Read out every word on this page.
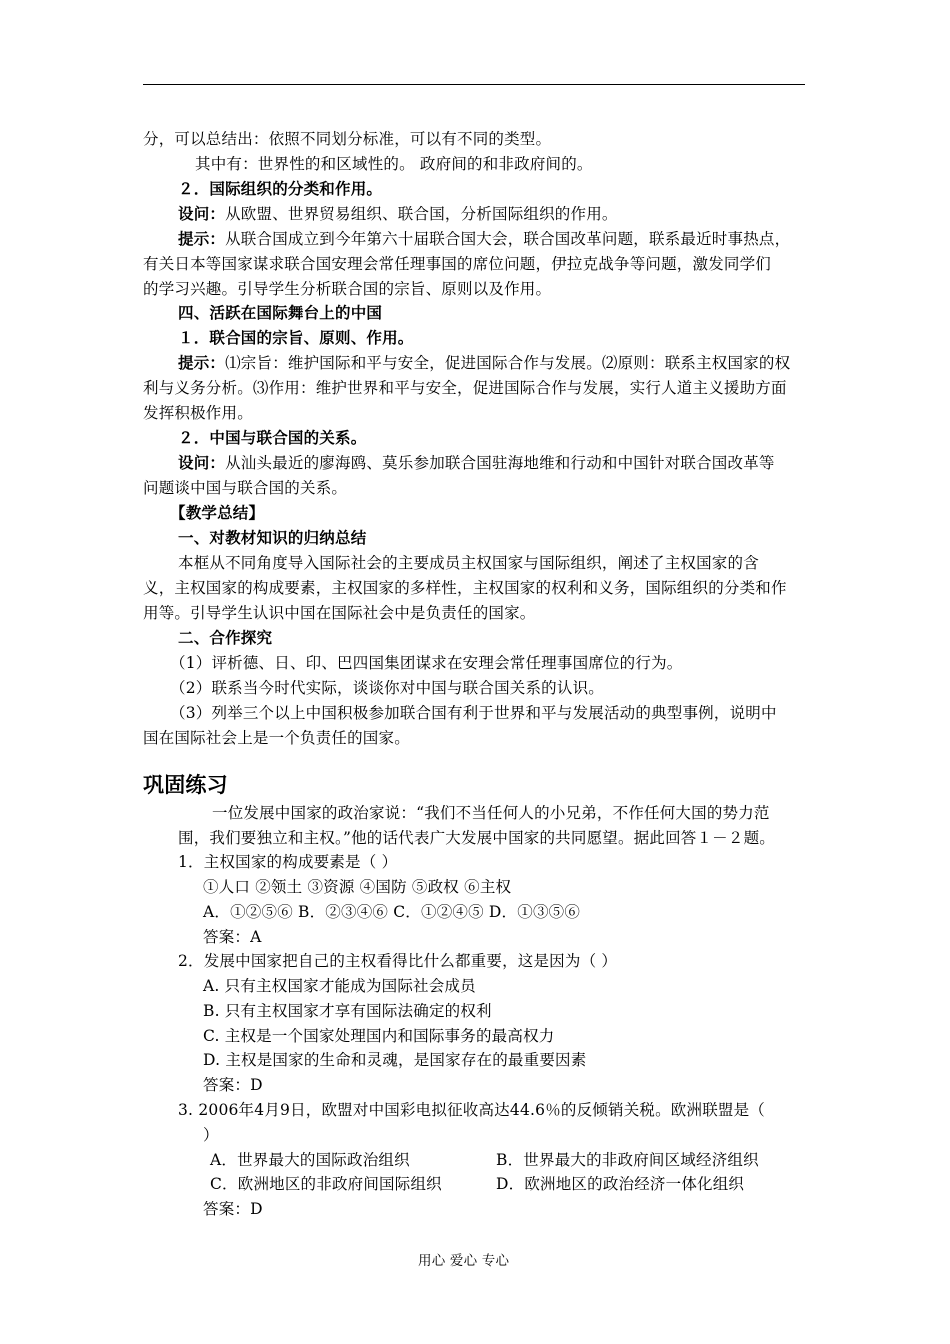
分，可以总结出：依照不同划分标准，可以有不同的类型。
其中有：世界性的和区域性的。 政府间的和非政府间的。
２．国际组织的分类和作用。
设问：从欧盟、世界贸易组织、联合国，分析国际组织的作用。
提示：从联合国成立到今年第六十届联合国大会，联合国改革问题，联系最近时事热点，
有关日本等国家谋求联合国安理会常任理事国的席位问题，伊拉克战争等问题，激发同学们
的学习兴趣。引导学生分析联合国的宗旨、原则以及作用。
四、活跃在国际舞台上的中国
１．联合国的宗旨、原则、作用。
提示：⑴宗旨：维护国际和平与安全，促进国际合作与发展。⑵原则：联系主权国家的权
利与义务分析。⑶作用：维护世界和平与安全，促进国际合作与发展，实行人道主义援助方面
发挥积极作用。
２．中国与联合国的关系。
设问：从汕头最近的廖海鸥、莫乐参加联合国驻海地维和行动和中国针对联合国改革等
问题谈中国与联合国的关系。
【教学总结】
一、对教材知识的归纳总结
本框从不同角度导入国际社会的主要成员主权国家与国际组织，阐述了主权国家的含
义，主权国家的构成要素，主权国家的多样性，主权国家的权利和义务，国际组织的分类和作
用等。引导学生认识中国在国际社会中是负责任的国家。
二、合作探究
（1）评析德、日、印、巴四国集团谋求在安理会常任理事国席位的行为。
（2）联系当今时代实际，谈谈你对中国与联合国关系的认识。
（3）列举三个以上中国积极参加联合国有利于世界和平与发展活动的典型事例，说明中
国在国际社会上是一个负责任的国家。
巩固练习
一位发展中国家的政治家说：“我们不当任何人的小兄弟，不作任何大国的势力范
围，我们要独立和主权。”他的话代表广大发展中国家的共同愿望。据此回答１－２题。
1．主权国家的构成要素是（ ）
①人口 ②领土 ③资源 ④国防 ⑤政权 ⑥主权
A．①②⑤⑥ B．②③④⑥ C．①②④⑤ D．①③⑤⑥
答案：A
2．发展中国家把自己的主权看得比什么都重要，这是因为（ ）
A. 只有主权国家才能成为国际社会成员
B. 只有主权国家才享有国际法确定的权利
C. 主权是一个国家处理国内和国际事务的最高权力
D. 主权是国家的生命和灵魂，是国家存在的最重要因素
答案：D
3. 2006年4月9日，欧盟对中国彩电拟征收高达44.6％的反倾销关税。欧洲联盟是（
）
A．世界最大的国际政治组织	B．世界最大的非政府间区域经济组织
C．欧洲地区的非政府间国际组织	D．欧洲地区的政治经济一体化组织
答案：D
用心 爱心 专心
